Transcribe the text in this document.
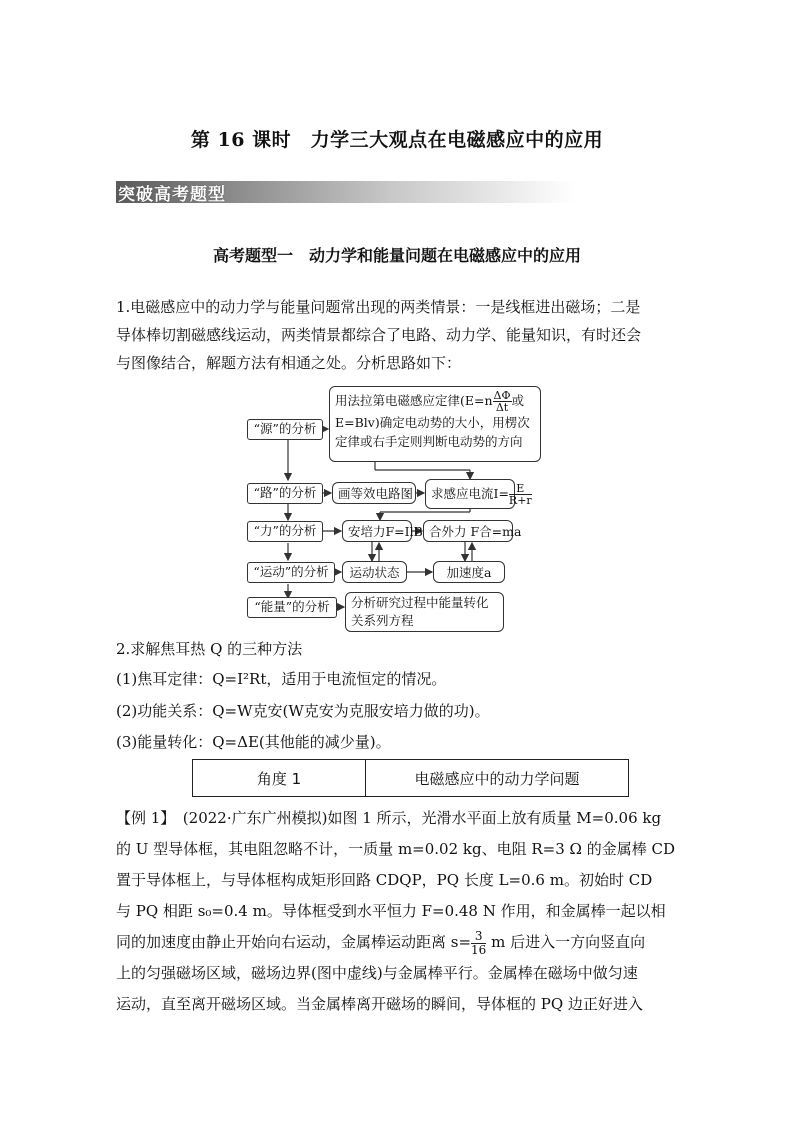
第 16 课时　力学三大观点在电磁感应中的应用
突破高考题型
高考题型一　动力学和能量问题在电磁感应中的应用
1.电磁感应中的动力学与能量问题常出现的两类情景：一是线框进出磁场；二是
导体棒切割磁感线运动，两类情景都综合了电路、动力学、能量知识，有时还会
与图像结合，解题方法有相通之处。分析思路如下：
“源”的分析
“路”的分析
“力”的分析
“运动”的分析
“能量”的分析
用法拉第电磁感应定律($E=n \frac{\Delta\Phi}{\Delta t}$ 或
E=Blv)确定电动势的大小，用楞次
定律或右手定则判断电动势的方向
画等效电路图	求感应电流$I= \frac{E}{R+r}$
安培力F=IlB 合外力 F合=ma
运动状态	加速度a
分析研究过程中能量转化
关系列方程
2.求解焦耳热 Q 的三种方法
(1)焦耳定律：Q=I²Rt，适用于电流恒定的情况。
(2)功能关系：Q=W克安(W克安为克服安培力做的功)。
(3)能量转化：Q=ΔE(其他能的减少量)。
角度 1	电磁感应中的动力学问题
【例 1】　(2022·广东广州模拟)如图 1 所示，光滑水平面上放有质量 M=0.06 kg
的 U 型导体框，其电阻忽略不计，一质量 m=0.02 kg、电阻 R=3 Ω 的金属棒 CD
置于导体框上，与导体框构成矩形回路 CDQP，PQ 长度 L=0.6 m。初始时 CD
与 PQ 相距 s₀=0.4 m。导体框受到水平恒力 F=0.48 N 作用，和金属棒一起以相
同的加速度由静止开始向右运动，金属棒运动距离 $s= \frac{3}{16}$ m 后进入一方向竖直向
上的匀强磁场区域，磁场边界(图中虚线)与金属棒平行。金属棒在磁场中做匀速
运动，直至离开磁场区域。当金属棒离开磁场的瞬间，导体框的 PQ 边正好进入
